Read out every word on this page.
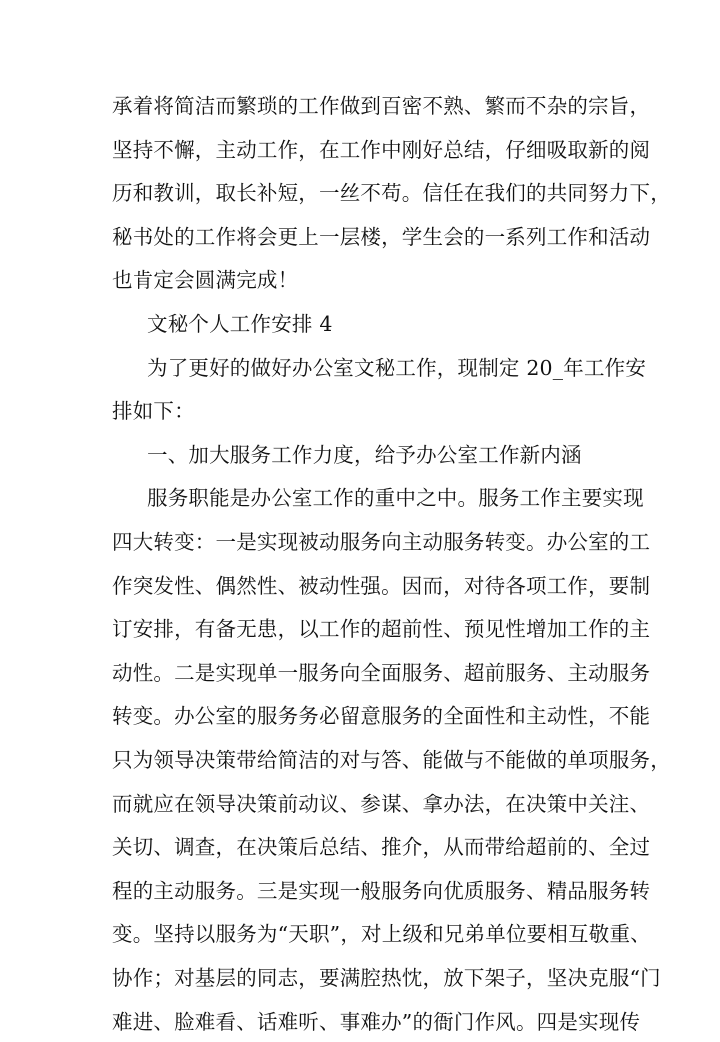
承着将简洁而繁琐的工作做到百密不熟、繁而不杂的宗旨，
坚持不懈，主动工作，在工作中刚好总结，仔细吸取新的阅
历和教训，取长补短，一丝不苟。信任在我们的共同努力下，
秘书处的工作将会更上一层楼，学生会的一系列工作和活动
也肯定会圆满完成！
文秘个人工作安排 4
为了更好的做好办公室文秘工作，现制定 20_年工作安
排如下：
一、加大服务工作力度，给予办公室工作新内涵
服务职能是办公室工作的重中之中。服务工作主要实现
四大转变：一是实现被动服务向主动服务转变。办公室的工
作突发性、偶然性、被动性强。因而，对待各项工作，要制
订安排，有备无患，以工作的超前性、预见性增加工作的主
动性。二是实现单一服务向全面服务、超前服务、主动服务
转变。办公室的服务务必留意服务的全面性和主动性，不能
只为领导决策带给简洁的对与答、能做与不能做的单项服务，
而就应在领导决策前动议、参谋、拿办法，在决策中关注、
关切、调查，在决策后总结、推介，从而带给超前的、全过
程的主动服务。三是实现一般服务向优质服务、精品服务转
变。坚持以服务为“天职”，对上级和兄弟单位要相互敬重、
协作；对基层的同志，要满腔热忱，放下架子，坚决克服“门
难进、脸难看、话难听、事难办”的衙门作风。四是实现传
